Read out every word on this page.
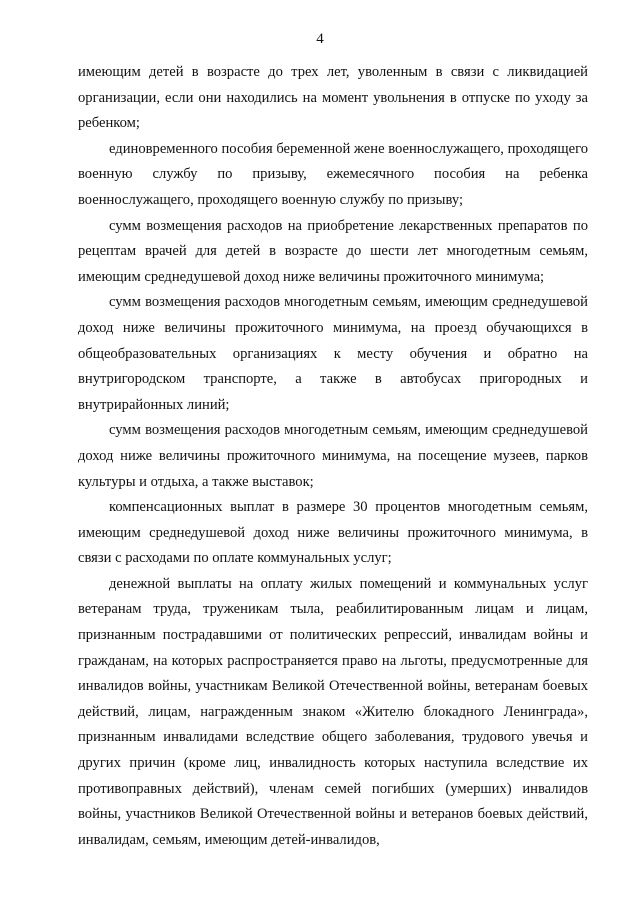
4

имеющим детей в возрасте до трех лет, уволенным в связи с ликвидацией организации, если они находились на момент увольнения в отпуске по уходу за ребенком;

единовременного пособия беременной жене военнослужащего, проходящего военную службу по призыву, ежемесячного пособия на ребенка военнослужащего, проходящего военную службу по призыву;

сумм возмещения расходов на приобретение лекарственных препаратов по рецептам врачей для детей в возрасте до шести лет многодетным семьям, имеющим среднедушевой доход ниже величины прожиточного минимума;

сумм возмещения расходов многодетным семьям, имеющим среднедушевой доход ниже величины прожиточного минимума, на проезд обучающихся в общеобразовательных организациях к месту обучения и обратно на внутригородском транспорте, а также в автобусах пригородных и внутрирайонных линий;

сумм возмещения расходов многодетным семьям, имеющим среднедушевой доход ниже величины прожиточного минимума, на посещение музеев, парков культуры и отдыха, а также выставок;

компенсационных выплат в размере 30 процентов многодетным семьям, имеющим среднедушевой доход ниже величины прожиточного минимума, в связи с расходами по оплате коммунальных услуг;

денежной выплаты на оплату жилых помещений и коммунальных услуг ветеранам труда, труженикам тыла, реабилитированным лицам и лицам, признанным пострадавшими от политических репрессий, инвалидам войны и гражданам, на которых распространяется право на льготы, предусмотренные для инвалидов войны, участникам Великой Отечественной войны, ветеранам боевых действий, лицам, награжденным знаком «Жителю блокадного Ленинграда», признанным инвалидами вследствие общего заболевания, трудового увечья и других причин (кроме лиц, инвалидность которых наступила вследствие их противоправных действий), членам семей погибших (умерших) инвалидов войны, участников Великой Отечественной войны и ветеранов боевых действий, инвалидам, семьям, имеющим детей-инвалидов,
